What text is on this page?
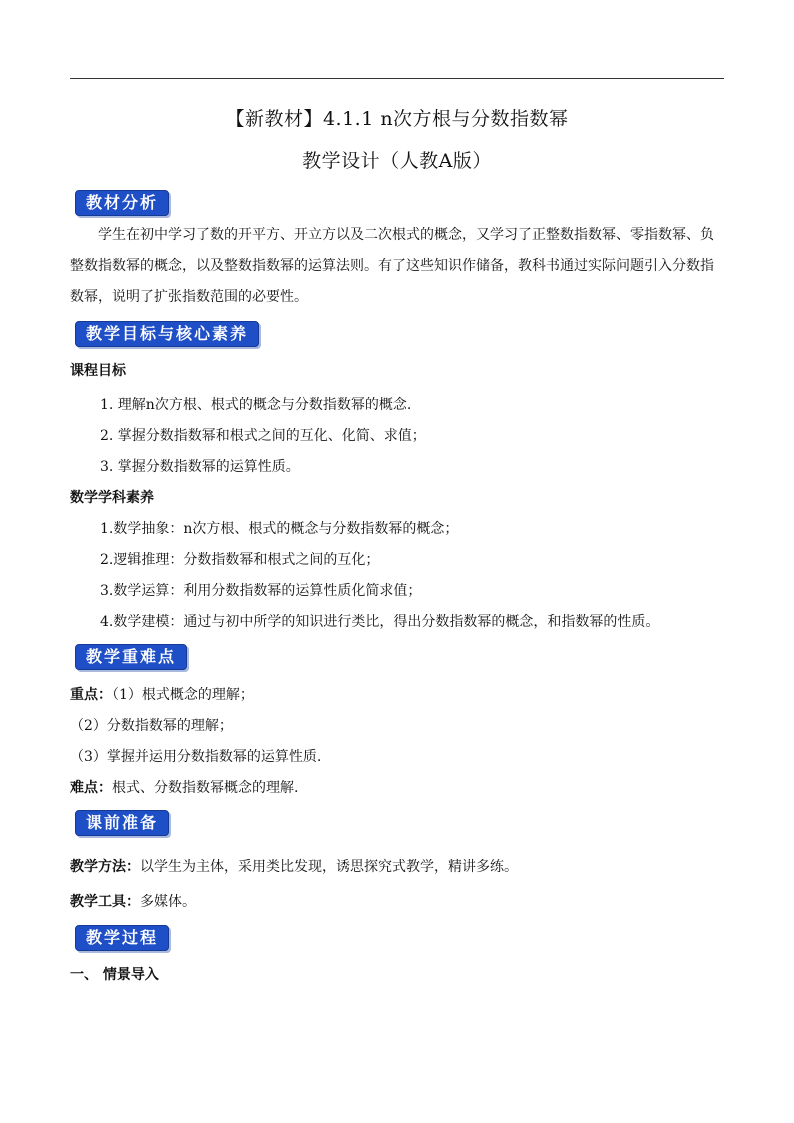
【新教材】4.1.1 n次方根与分数指数幂
教学设计（人教A版）
教材分析

学生在初中学习了数的开平方、开立方以及二次根式的概念，又学习了正整数指数幂、零指数幂、负整数指数幂的概念，以及整数指数幂的运算法则。有了这些知识作储备，教科书通过实际问题引入分数指数幂，说明了扩张指数范围的必要性。

教学目标与核心素养
课程目标
1. 理解n次方根、根式的概念与分数指数幂的概念.
2. 掌握分数指数幂和根式之间的互化、化简、求值；
3. 掌握分数指数幂的运算性质。
数学学科素养
1.数学抽象：n次方根、根式的概念与分数指数幂的概念；
2.逻辑推理：分数指数幂和根式之间的互化；
3.数学运算：利用分数指数幂的运算性质化简求值；
4.数学建模：通过与初中所学的知识进行类比，得出分数指数幂的概念，和指数幂的性质。
教学重难点
重点：（1）根式概念的理解；
（2）分数指数幂的理解；
（3）掌握并运用分数指数幂的运算性质.
难点：根式、分数指数幂概念的理解.
课前准备
教学方法：以学生为主体，采用类比发现，诱思探究式教学，精讲多练。
教学工具：多媒体。
教学过程
一、 情景导入
